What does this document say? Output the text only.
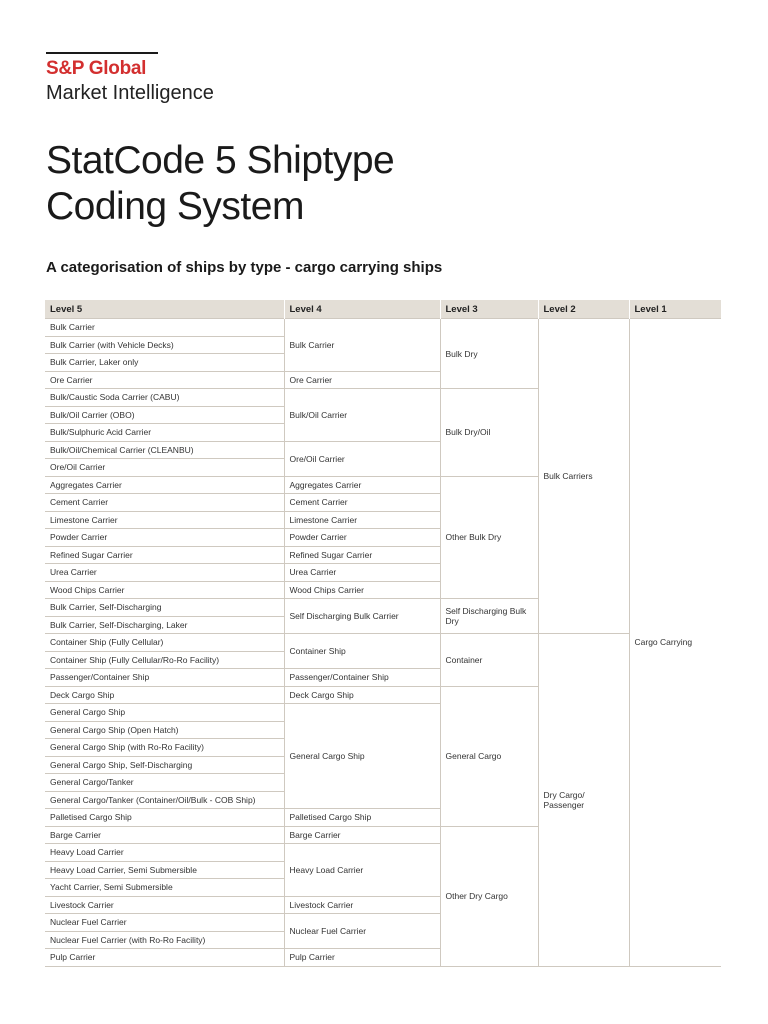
S&P Global
Market Intelligence
StatCode 5 Shiptype
Coding System
A categorisation of ships by type - cargo carrying ships
Level 5	Level 4	Level 3	Level 2	Level 1
Bulk Carrier	Bulk Carrier	Bulk Dry	Bulk Carriers	Cargo Carrying
Bulk Carrier (with Vehicle Decks)				
Bulk Carrier, Laker only				
Ore Carrier	Ore Carrier			
Bulk/Caustic Soda Carrier (CABU)	Bulk/Oil Carrier	Bulk Dry/Oil		
Bulk/Oil Carrier (OBO)				
Bulk/Sulphuric Acid Carrier				
Bulk/Oil/Chemical Carrier (CLEANBU)	Ore/Oil Carrier			
Ore/Oil Carrier				
Aggregates Carrier	Aggregates Carrier	Other Bulk Dry		
Cement Carrier	Cement Carrier			
Limestone Carrier	Limestone Carrier			
Powder Carrier	Powder Carrier			
Refined Sugar Carrier	Refined Sugar Carrier			
Urea Carrier	Urea Carrier			
Wood Chips Carrier	Wood Chips Carrier			
Bulk Carrier, Self-Discharging	Self Discharging Bulk Carrier	Self Discharging Bulk Dry		
Bulk Carrier, Self-Discharging, Laker				
Container Ship (Fully Cellular)	Container Ship	Container	Dry Cargo/ Passenger	
Container Ship (Fully Cellular/Ro-Ro Facility)				
Passenger/Container Ship	Passenger/Container Ship			
Deck Cargo Ship	Deck Cargo Ship	General Cargo		
General Cargo Ship	General Cargo Ship			
General Cargo Ship (Open Hatch)				
General Cargo Ship (with Ro-Ro Facility)				
General Cargo Ship, Self-Discharging				
General Cargo/Tanker				
General Cargo/Tanker (Container/Oil/Bulk - COB Ship)				
Palletised Cargo Ship	Palletised Cargo Ship			
Barge Carrier	Barge Carrier	Other Dry Cargo		
Heavy Load Carrier	Heavy Load Carrier			
Heavy Load Carrier, Semi Submersible				
Yacht Carrier, Semi Submersible				
Livestock Carrier	Livestock Carrier			
Nuclear Fuel Carrier	Nuclear Fuel Carrier			
Nuclear Fuel Carrier (with Ro-Ro Facility)				
Pulp Carrier	Pulp Carrier			
